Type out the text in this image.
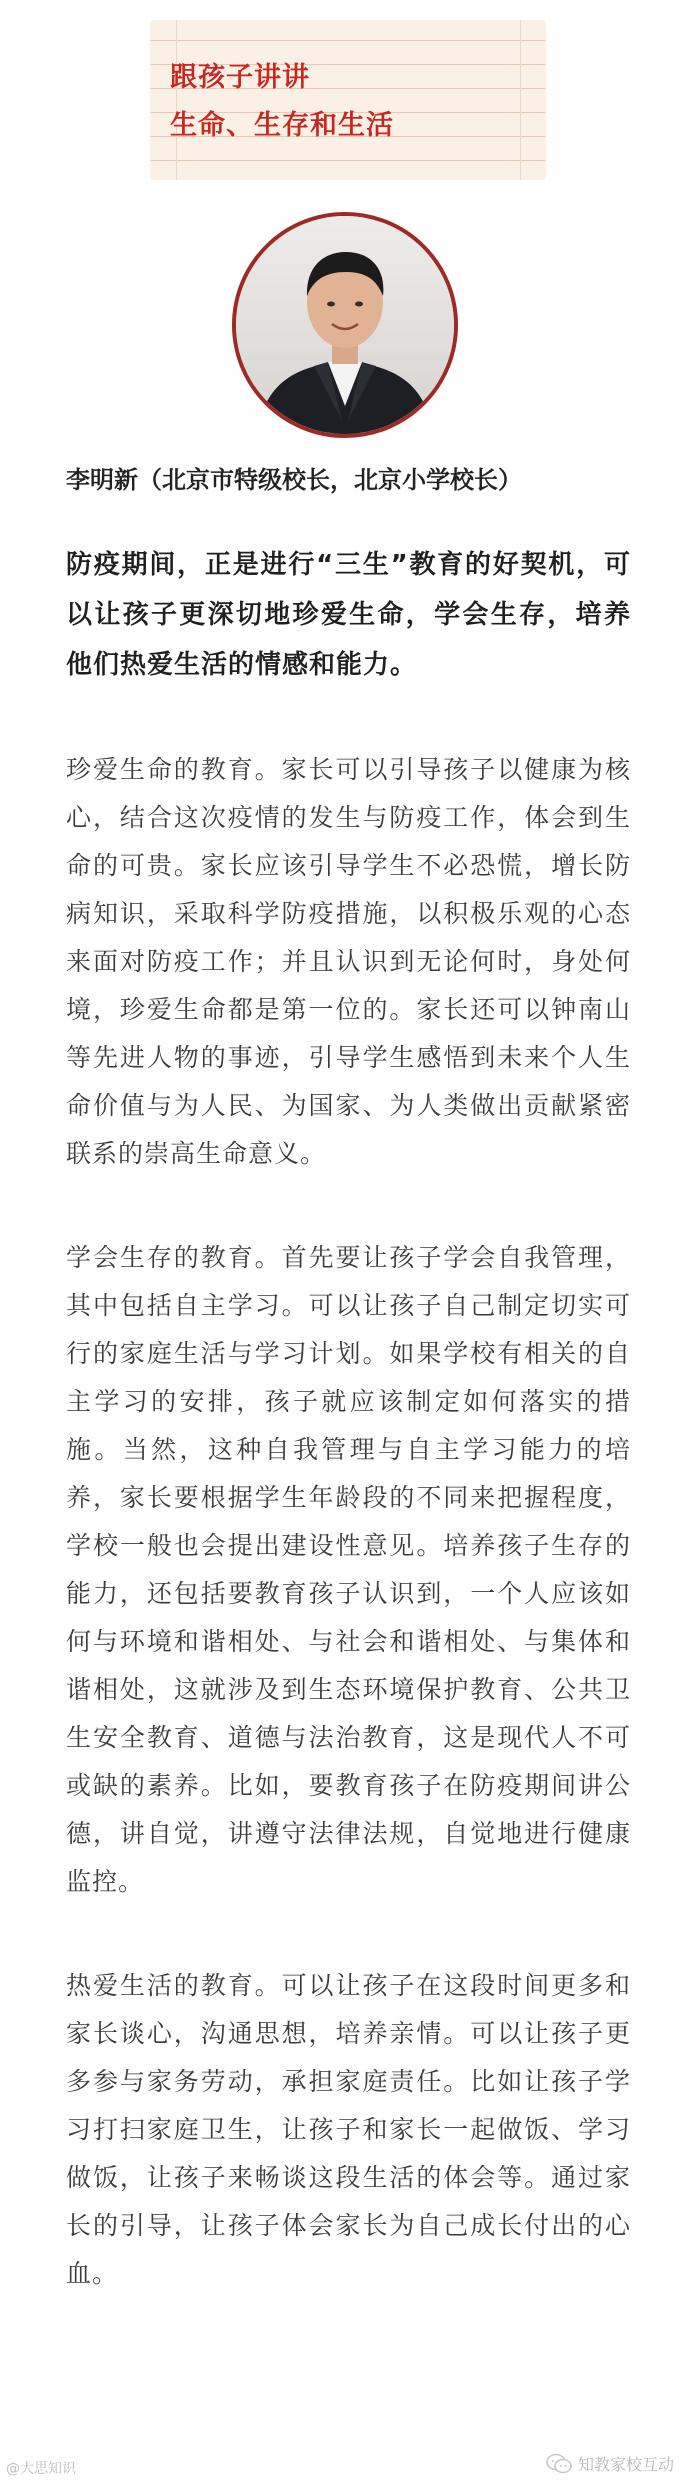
跟孩子讲讲
生命、生存和生活

李明新（北京市特级校长，北京小学校长）

防疫期间，正是进行“三生”教育的好契机，可以让孩子更深切地珍爱生命，学会生存，培养他们热爱生活的情感和能力。

珍爱生命的教育。家长可以引导孩子以健康为核心，结合这次疫情的发生与防疫工作，体会到生命的可贵。家长应该引导学生不必恐慌，增长防病知识，采取科学防疫措施，以积极乐观的心态来面对防疫工作；并且认识到无论何时，身处何境，珍爱生命都是第一位的。家长还可以钟南山等先进人物的事迹，引导学生感悟到未来个人生命价值与为人民、为国家、为人类做出贡献紧密联系的崇高生命意义。

学会生存的教育。首先要让孩子学会自我管理，其中包括自主学习。可以让孩子自己制定切实可行的家庭生活与学习计划。如果学校有相关的自主学习的安排，孩子就应该制定如何落实的措施。当然，这种自我管理与自主学习能力的培养，家长要根据学生年龄段的不同来把握程度，学校一般也会提出建设性意见。培养孩子生存的能力，还包括要教育孩子认识到，一个人应该如何与环境和谐相处、与社会和谐相处、与集体和谐相处，这就涉及到生态环境保护教育、公共卫生安全教育、道德与法治教育，这是现代人不可或缺的素养。比如，要教育孩子在防疫期间讲公德，讲自觉，讲遵守法律法规，自觉地进行健康监控。

热爱生活的教育。可以让孩子在这段时间更多和家长谈心，沟通思想，培养亲情。可以让孩子更多参与家务劳动，承担家庭责任。比如让孩子学习打扫家庭卫生，让孩子和家长一起做饭、学习做饭，让孩子来畅谈这段生活的体会等。通过家长的引导，让孩子体会家长为自己成长付出的心血。

@大思知识	知教家校互动
